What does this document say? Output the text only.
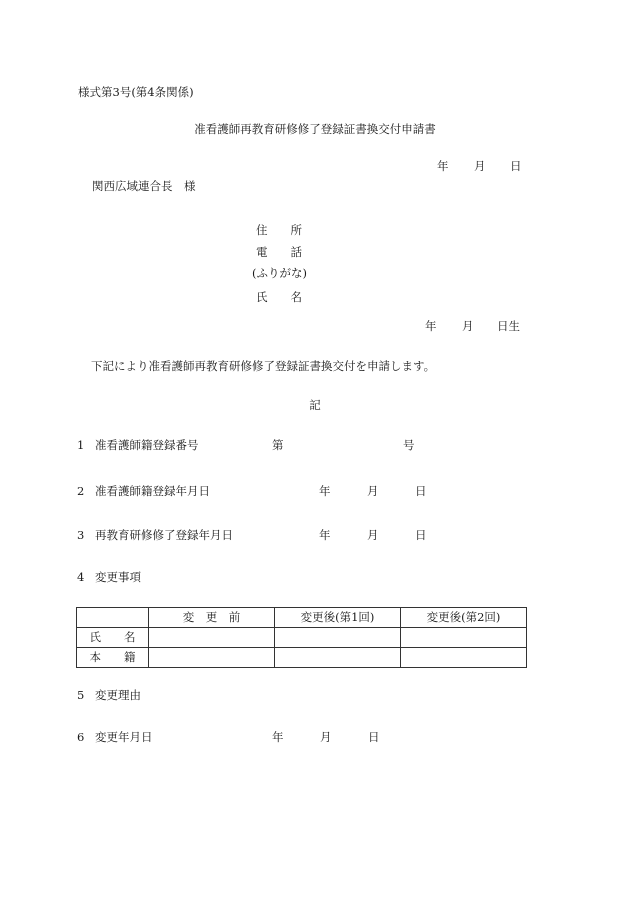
様式第3号(第4条関係)
准看護師再教育研修修了登録証書換交付申請書
年 月 日
関西広域連合長　様
住　　所
電　　話
(ふりがな)
氏　　名
年 月 日生
下記により准看護師再教育研修修了登録証書換交付を申請します。
記
1 准看護師籍登録番号	第	号
2 准看護師籍登録年月日	年	月	日
3 再教育研修修了登録年月日	年	月	日
4 変更事項
	変　更　前	変更後(第1回)	変更後(第2回)
氏　　名			
本　　籍			
5 変更理由
6 変更年月日	年	月	日
